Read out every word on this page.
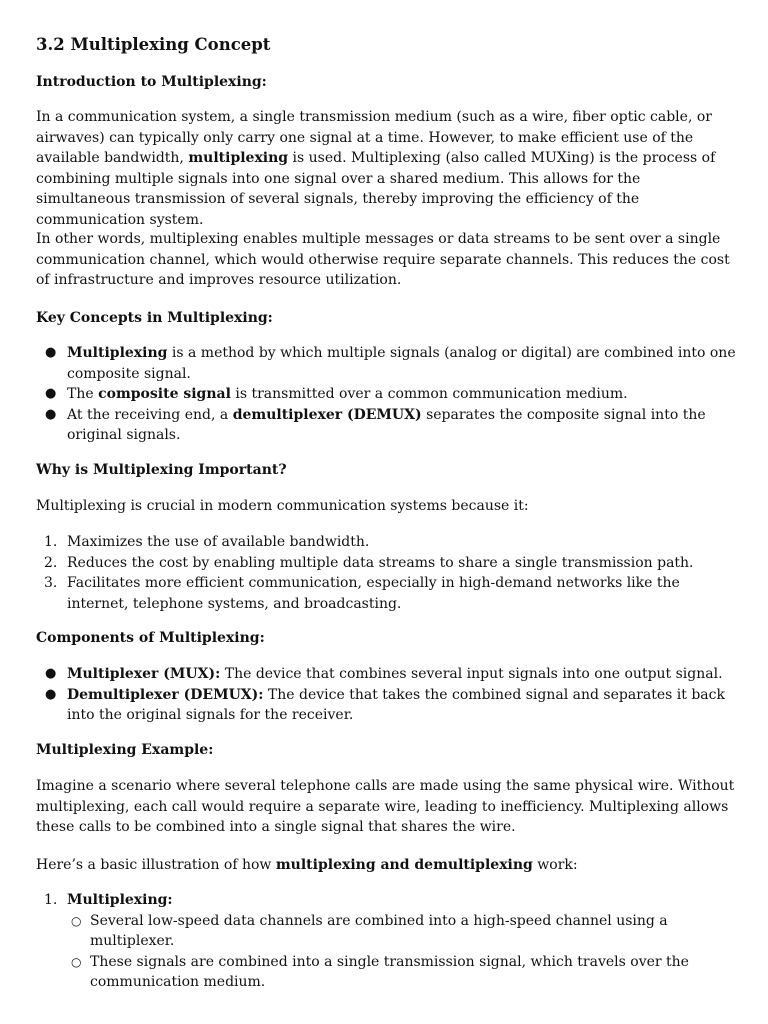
3.2 Multiplexing Concept

Introduction to Multiplexing:

In a communication system, a single transmission medium (such as a wire, fiber optic cable, or airwaves) can typically only carry one signal at a time. However, to make efficient use of the available bandwidth, multiplexing is used. Multiplexing (also called MUXing) is the process of combining multiple signals into one signal over a shared medium. This allows for the simultaneous transmission of several signals, thereby improving the efficiency of the communication system.

In other words, multiplexing enables multiple messages or data streams to be sent over a single communication channel, which would otherwise require separate channels. This reduces the cost of infrastructure and improves resource utilization.

Key Concepts in Multiplexing:

● Multiplexing is a method by which multiple signals (analog or digital) are combined into one composite signal.
● The composite signal is transmitted over a common communication medium.
● At the receiving end, a demultiplexer (DEMUX) separates the composite signal into the original signals.

Why is Multiplexing Important?

Multiplexing is crucial in modern communication systems because it:

1. Maximizes the use of available bandwidth.
2. Reduces the cost by enabling multiple data streams to share a single transmission path.
3. Facilitates more efficient communication, especially in high-demand networks like the internet, telephone systems, and broadcasting.

Components of Multiplexing:

● Multiplexer (MUX): The device that combines several input signals into one output signal.
● Demultiplexer (DEMUX): The device that takes the combined signal and separates it back into the original signals for the receiver.

Multiplexing Example:

Imagine a scenario where several telephone calls are made using the same physical wire. Without multiplexing, each call would require a separate wire, leading to inefficiency. Multiplexing allows these calls to be combined into a single signal that shares the wire.

Here’s a basic illustration of how multiplexing and demultiplexing work:

1. Multiplexing:
○ Several low-speed data channels are combined into a high-speed channel using a multiplexer.
○ These signals are combined into a single transmission signal, which travels over the communication medium.
